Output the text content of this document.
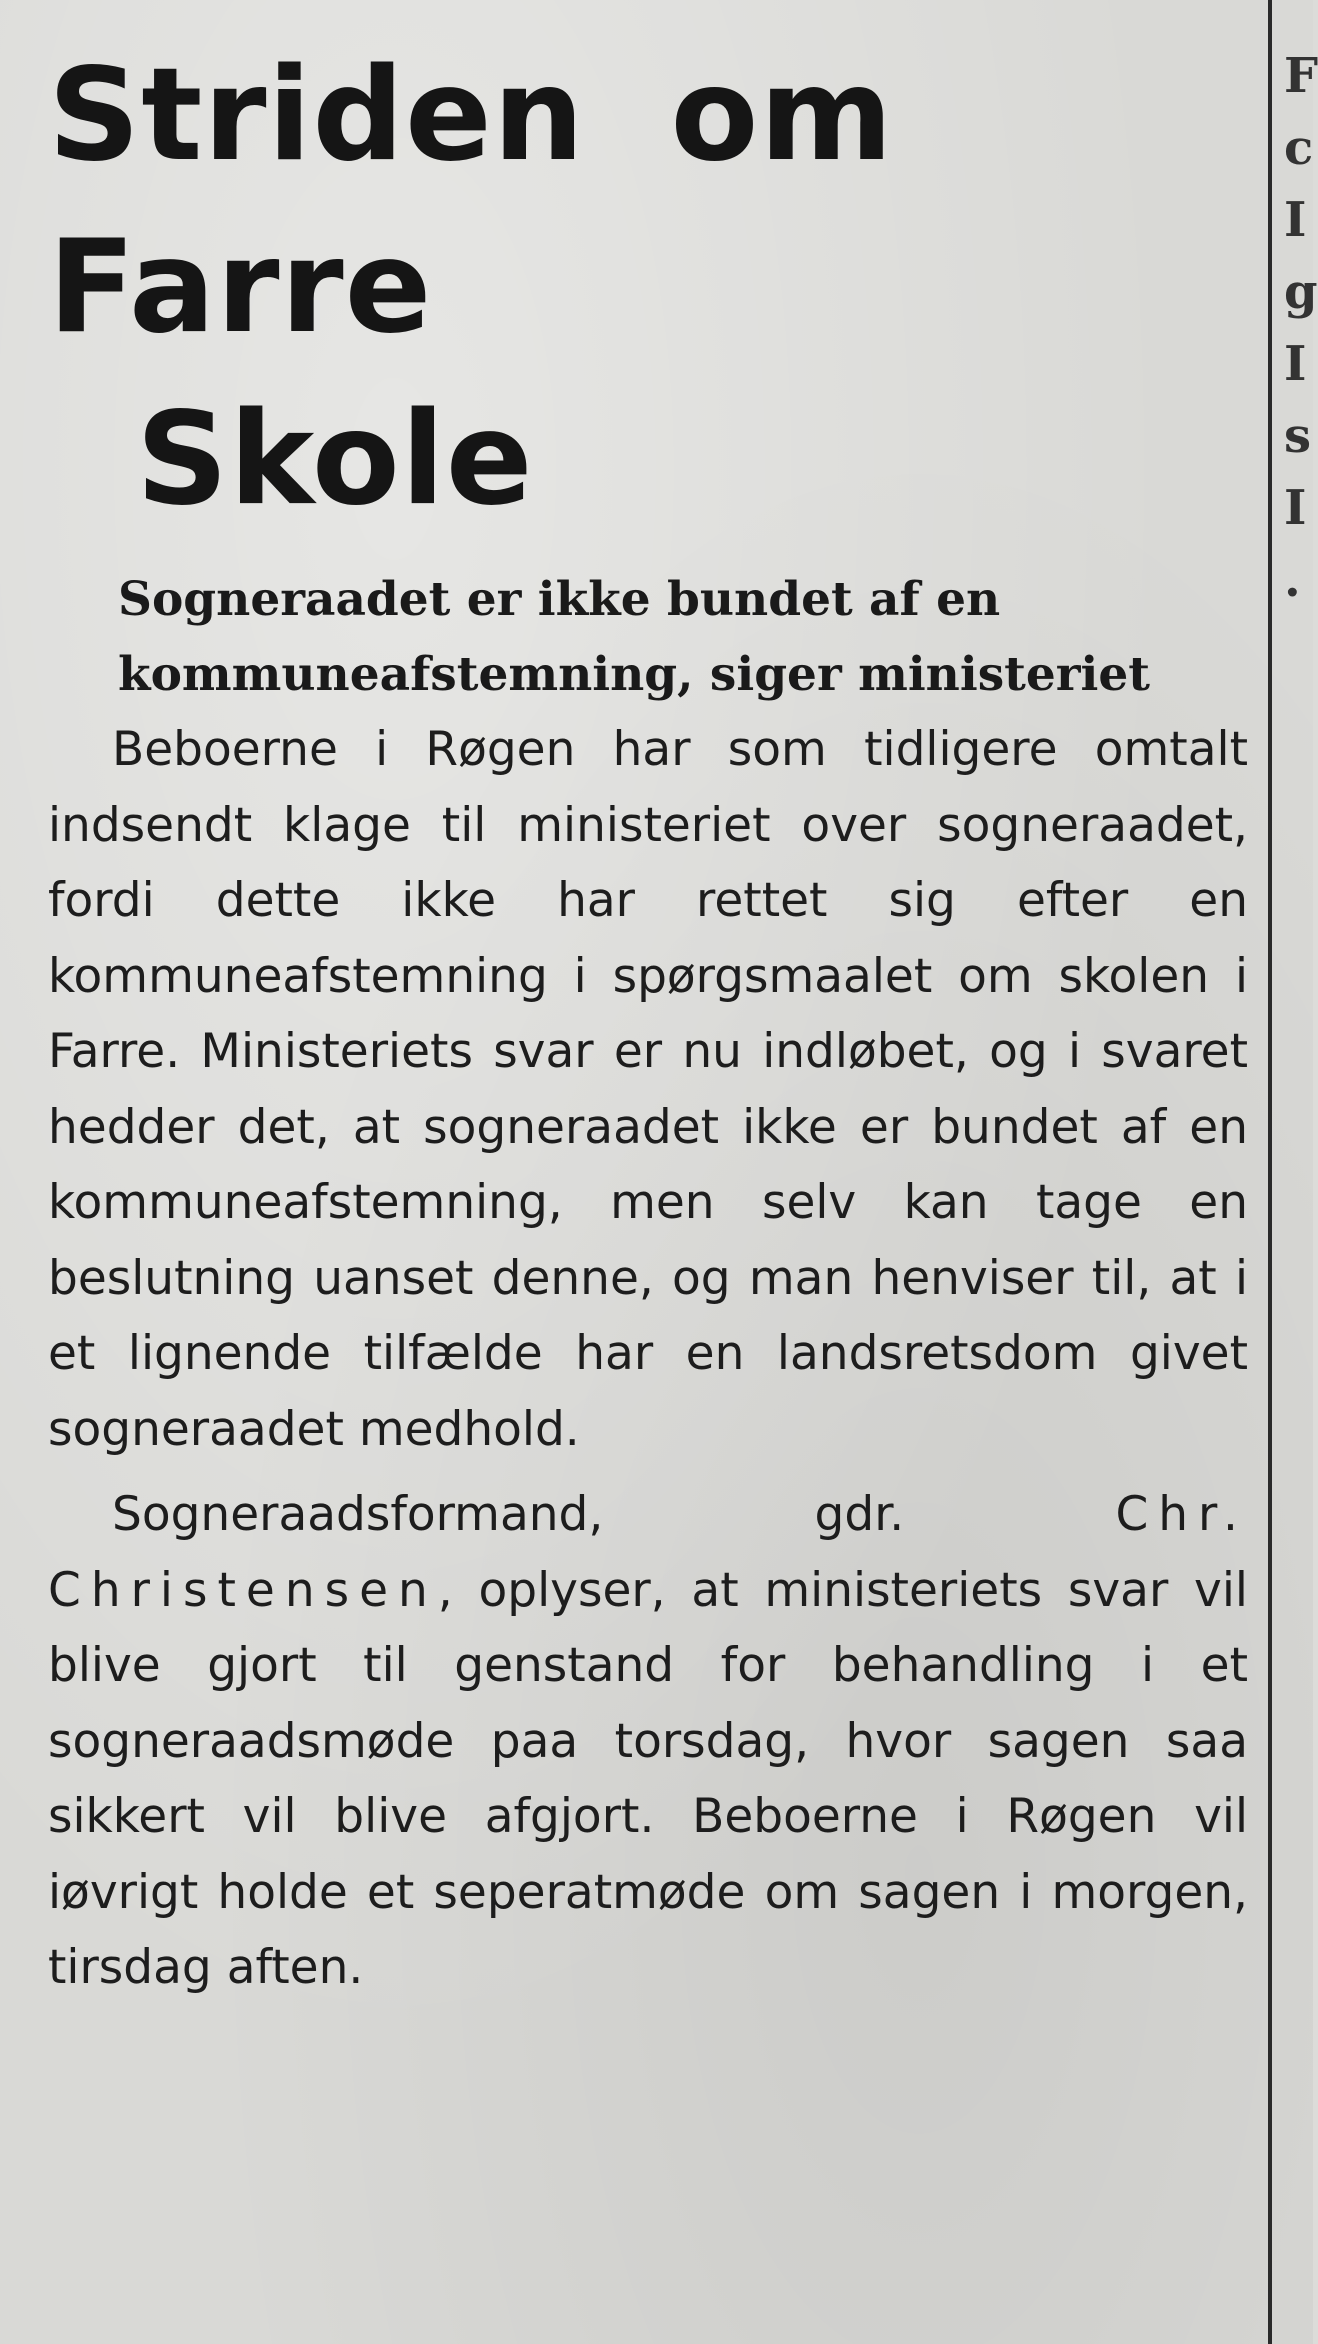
Striden om Farre
Skole

Sogneraadet er ikke bundet af en kommuneafstemning, siger ministeriet

Beboerne i Røgen har som tidligere omtalt indsendt klage til ministeriet over sogneraadet, fordi dette ikke har rettet sig efter en kommuneafstemning i spørgsmaalet om skolen i Farre. Ministeriets svar er nu indløbet, og i svaret hedder det, at sogneraadet ikke er bundet af en kommuneafstemning, men selv kan tage en beslutning uanset denne, og man henviser til, at i et lignende tilfælde har en landsretsdom givet sogneraadet medhold.

Sogneraadsformand, gdr.	Chr. Christensen, oplyser, at ministeriets svar vil blive gjort til genstand for behandling i et sogneraadsmøde paa torsdag, hvor sagen saa sikkert vil blive afgjort. Beboerne i Røgen vil iøvrigt holde et seperatmøde om sagen i morgen, tirsdag aften.

F
c
I
g
I
s
I
.
